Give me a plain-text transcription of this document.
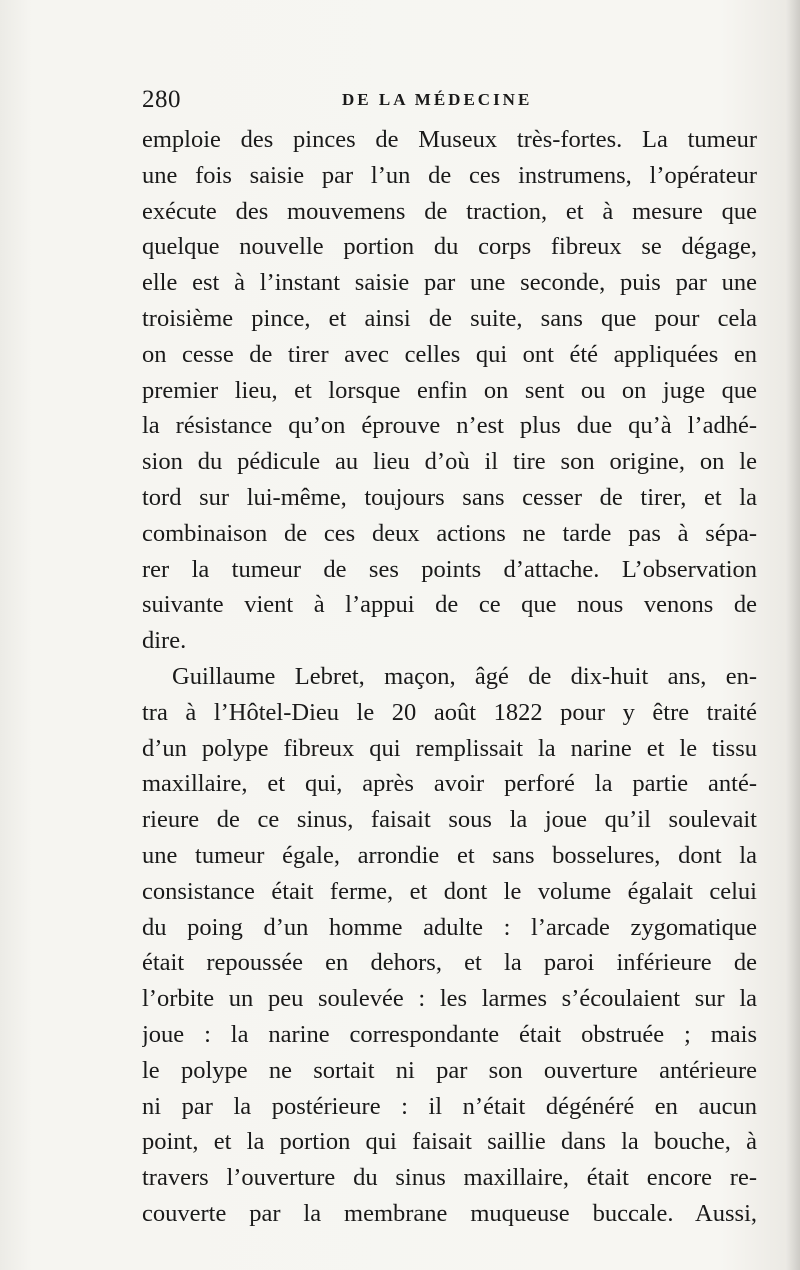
280	DE LA MÉDECINE
emploie des pinces de Museux très-fortes. La tumeur
une fois saisie par l’un de ces instrumens, l’opérateur
exécute des mouvemens de traction, et à mesure que
quelque nouvelle portion du corps fibreux se dégage,
elle est à l’instant saisie par une seconde, puis par une
troisième pince, et ainsi de suite, sans que pour cela
on cesse de tirer avec celles qui ont été appliquées en
premier lieu, et lorsque enfin on sent ou on juge que
la résistance qu’on éprouve n’est plus due qu’à l’adhé-
sion du pédicule au lieu d’où il tire son origine, on le
tord sur lui-même, toujours sans cesser de tirer, et la
combinaison de ces deux actions ne tarde pas à sépa-
rer la tumeur de ses points d’attache. L’observation
suivante vient à l’appui de ce que nous venons de
dire.
Guillaume Lebret, maçon, âgé de dix-huit ans, en-
tra à l’Hôtel-Dieu le 20 août 1822 pour y être traité
d’un polype fibreux qui remplissait la narine et le tissu
maxillaire, et qui, après avoir perforé la partie anté-
rieure de ce sinus, faisait sous la joue qu’il soulevait
une tumeur égale, arrondie et sans bosselures, dont la
consistance était ferme, et dont le volume égalait celui
du poing d’un homme adulte : l’arcade zygomatique
était repoussée en dehors, et la paroi inférieure de
l’orbite un peu soulevée : les larmes s’écoulaient sur la
joue : la narine correspondante était obstruée ; mais
le polype ne sortait ni par son ouverture antérieure
ni par la postérieure : il n’était dégénéré en aucun
point, et la portion qui faisait saillie dans la bouche, à
travers l’ouverture du sinus maxillaire, était encore re-
couverte par la membrane muqueuse buccale. Aussi,
